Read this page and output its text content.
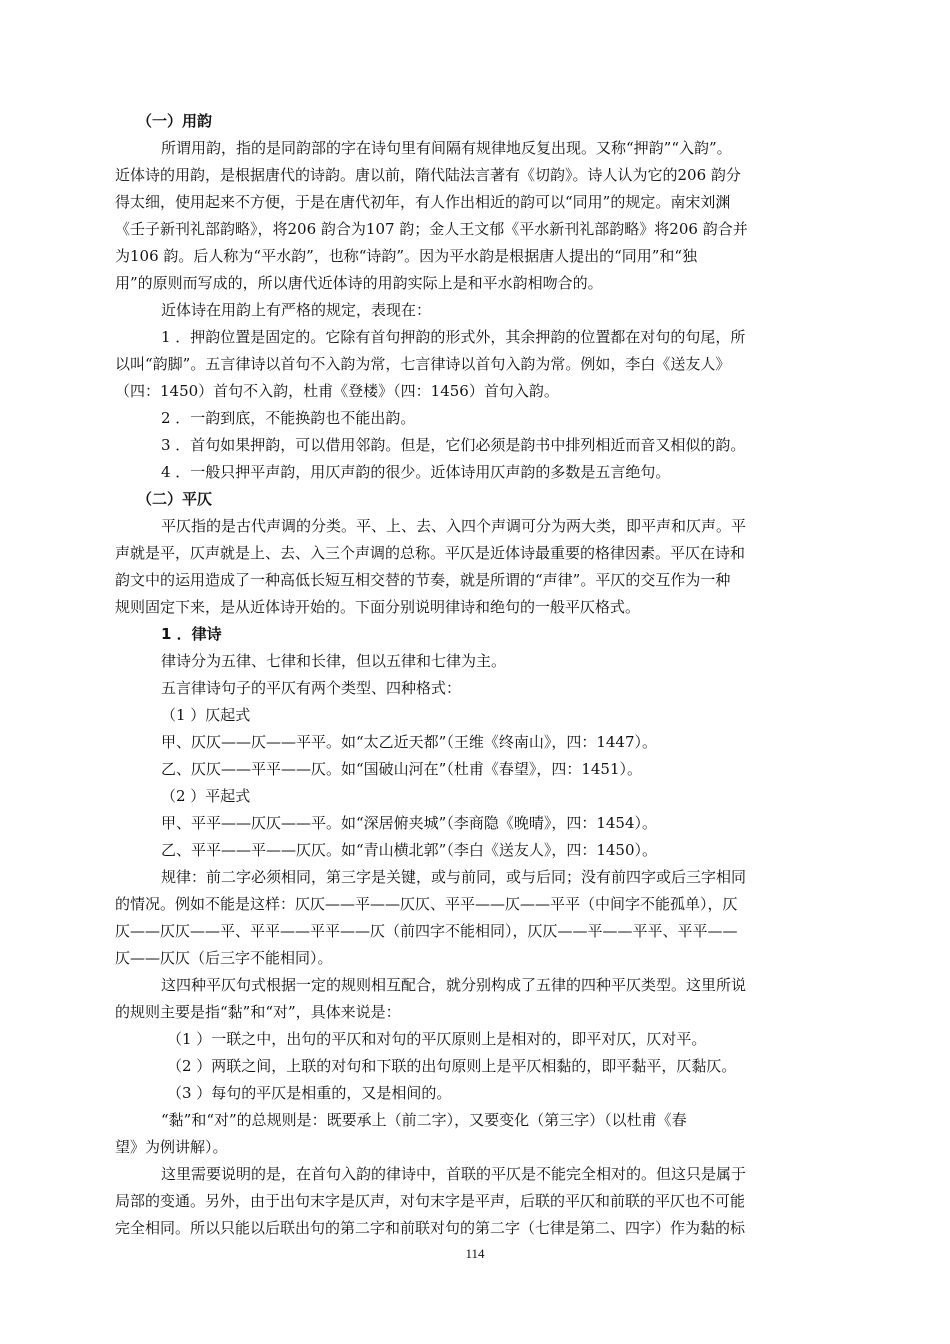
（一）用韵
所谓用韵，指的是同韵部的字在诗句里有间隔有规律地反复出现。又称“押韵”“入韵”。
近体诗的用韵，是根据唐代的诗韵。唐以前，隋代陆法言著有《切韵》。诗人认为它的206 韵分
得太细，使用起来不方便，于是在唐代初年，有人作出相近的韵可以“同用”的规定。南宋刘渊
《壬子新刊礼部韵略》，将206 韵合为107 韵；金人王文郁《平水新刊礼部韵略》将206 韵合并
为106 韵。后人称为“平水韵”，也称“诗韵”。因为平水韵是根据唐人提出的“同用”和“独
用”的原则而写成的，所以唐代近体诗的用韵实际上是和平水韵相吻合的。
近体诗在用韵上有严格的规定，表现在：
1 ．押韵位置是固定的。它除有首句押韵的形式外，其余押韵的位置都在对句的句尾，所
以叫“韵脚”。五言律诗以首句不入韵为常，七言律诗以首句入韵为常。例如，李白《送友人》
（四：1450）首句不入韵，杜甫《登楼》（四：1456）首句入韵。
2 ．一韵到底，不能换韵也不能出韵。
3 ．首句如果押韵，可以借用邻韵。但是，它们必须是韵书中排列相近而音又相似的韵。
4 ．一般只押平声韵，用仄声韵的很少。近体诗用仄声韵的多数是五言绝句。
（二）平仄
平仄指的是古代声调的分类。平、上、去、入四个声调可分为两大类，即平声和仄声。平
声就是平，仄声就是上、去、入三个声调的总称。平仄是近体诗最重要的格律因素。平仄在诗和
韵文中的运用造成了一种高低长短互相交替的节奏，就是所谓的“声律”。平仄的交互作为一种
规则固定下来，是从近体诗开始的。下面分别说明律诗和绝句的一般平仄格式。
1 ．律诗
律诗分为五律、七律和长律，但以五律和七律为主。
五言律诗句子的平仄有两个类型、四种格式：
（1 ）仄起式
甲、仄仄——仄——平平。如“太乙近天都”（王维《终南山》，四：1447）。
乙、仄仄——平平——仄。如“国破山河在”（杜甫《春望》，四：1451）。
（2 ）平起式
甲、平平——仄仄——平。如“深居俯夹城”（李商隐《晚晴》，四：1454）。
乙、平平——平——仄仄。如“青山横北郭”（李白《送友人》，四：1450）。
规律：前二字必须相同，第三字是关键，或与前同，或与后同；没有前四字或后三字相同
的情况。例如不能是这样：仄仄——平——仄仄、平平——仄——平平（中间字不能孤单），仄
仄——仄仄——平、平平——平平——仄（前四字不能相同），仄仄——平——平平、平平——
仄——仄仄（后三字不能相同）。
这四种平仄句式根据一定的规则相互配合，就分别构成了五律的四种平仄类型。这里所说
的规则主要是指“黏”和“对”，具体来说是：
（1 ）一联之中，出句的平仄和对句的平仄原则上是相对的，即平对仄，仄对平。
（2 ）两联之间，上联的对句和下联的出句原则上是平仄相黏的，即平黏平，仄黏仄。
（3 ）每句的平仄是相重的，又是相间的。
“黏”和“对”的总规则是：既要承上（前二字），又要变化（第三字）（以杜甫《春
望》为例讲解）。
这里需要说明的是，在首句入韵的律诗中，首联的平仄是不能完全相对的。但这只是属于
局部的变通。另外，由于出句末字是仄声，对句末字是平声，后联的平仄和前联的平仄也不可能
完全相同。所以只能以后联出句的第二字和前联对句的第二字（七律是第二、四字）作为黏的标
114
